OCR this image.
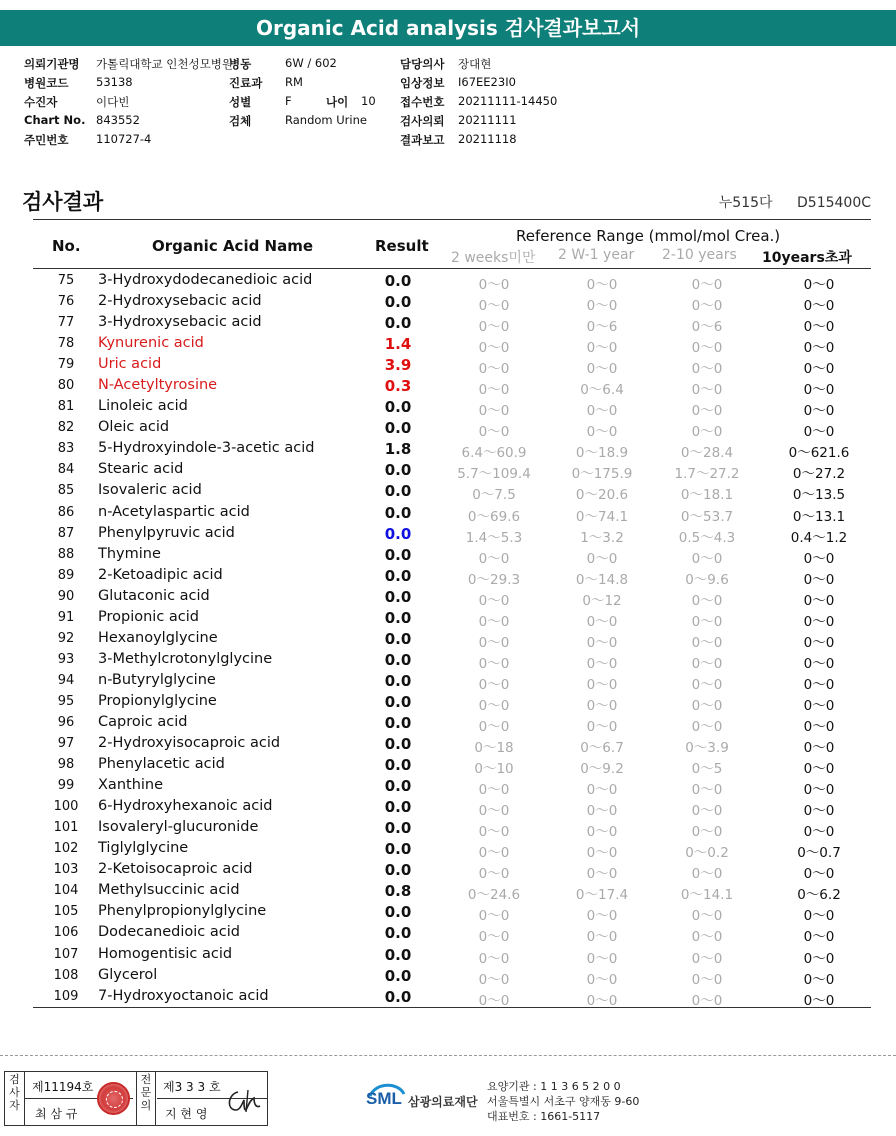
Organic Acid analysis 검사결과보고서
의뢰기관명 가톨릭대학교 인천성모병원
병동	6W / 602	담당의사 장대현
병원코드 53138	진료과 RM	임상정보 I67EE23I0
수진자	이다빈	성별	F	나이 10 접수번호 20211111-14450
Chart No. 843552	검체	Random Urine	검사의뢰 20211111
주민번호 110727-4	결과보고 20211118
검사결과	누515다 D515400C
No.	Organic Acid Name	Result
Reference Range (mmol/mol Crea.)
2 weeks미만 2 W-1 year 2-10 years 10years초과
75	3-Hydroxydodecanedioic acid	0.0	0～0	0～0	0～0	0～0
76	2-Hydroxysebacic acid	0.0	0～0	0～0	0～0	0～0
77	3-Hydroxysebacic acid	0.0	0～0	0～6	0～6	0～0
78	Kynurenic acid	1.4	0～0	0～0	0～0	0～0
79	Uric acid	3.9	0～0	0～0	0～0	0～0
80	N-Acetyltyrosine	0.3	0～0	0～6.4	0～0	0～0
81	Linoleic acid	0.0	0～0	0～0	0～0	0～0
82	Oleic acid	0.0	0～0	0～0	0～0	0～0
83	5-Hydroxyindole-3-acetic acid	1.8	6.4～60.9	0～18.9	0～28.4	0～621.6
84	Stearic acid	0.0	5.7～109.4	0～175.9	1.7～27.2	0～27.2
85	Isovaleric acid	0.0	0～7.5	0～20.6	0～18.1	0～13.5
86	n-Acetylaspartic acid	0.0	0～69.6	0～74.1	0～53.7	0～13.1
87	Phenylpyruvic acid	0.0	1.4～5.3	1～3.2	0.5～4.3	0.4～1.2
88	Thymine	0.0	0～0	0～0	0～0	0～0
89	2-Ketoadipic acid	0.0	0～29.3	0～14.8	0～9.6	0～0
90	Glutaconic acid	0.0	0～0	0～12	0～0	0～0
91	Propionic acid	0.0	0～0	0～0	0～0	0～0
92	Hexanoylglycine	0.0	0～0	0～0	0～0	0～0
93	3-Methylcrotonylglycine	0.0	0～0	0～0	0～0	0～0
94	n-Butyrylglycine	0.0	0～0	0～0	0～0	0～0
95	Propionylglycine	0.0	0～0	0～0	0～0	0～0
96	Caproic acid	0.0	0～0	0～0	0～0	0～0
97	2-Hydroxyisocaproic acid	0.0	0～18	0～6.7	0～3.9	0～0
98	Phenylacetic acid	0.0	0～10	0～9.2	0～5	0～0
99	Xanthine	0.0	0～0	0～0	0～0	0～0
100	6-Hydroxyhexanoic acid	0.0	0～0	0～0	0～0	0～0
101	Isovaleryl-glucuronide	0.0	0～0	0～0	0～0	0～0
102	Tiglylglycine	0.0	0～0	0～0	0～0.2	0～0.7
103	2-Ketoisocaproic acid	0.0	0～0	0～0	0～0	0～0
104	Methylsuccinic acid	0.8	0～24.6	0～17.4	0～14.1	0～6.2
105	Phenylpropionylglycine	0.0	0～0	0～0	0～0	0～0
106	Dodecanedioic acid	0.0	0～0	0～0	0～0	0～0
107	Homogentisic acid	0.0	0～0	0～0	0～0	0～0
108	Glycerol	0.0	0～0	0～0	0～0	0～0
109	7-Hydroxyoctanoic acid	0.0	0～0	0～0	0～0	0～0
검
사
자
제11194호
최 삼 규
전
문
의
제3 3 3 호
지 현 영
SML 삼광의료재단
요양기관 : 1 1 3 6 5 2 0 0
서울특별시 서초구 양재동 9-60
대표번호 : 1661-5117
